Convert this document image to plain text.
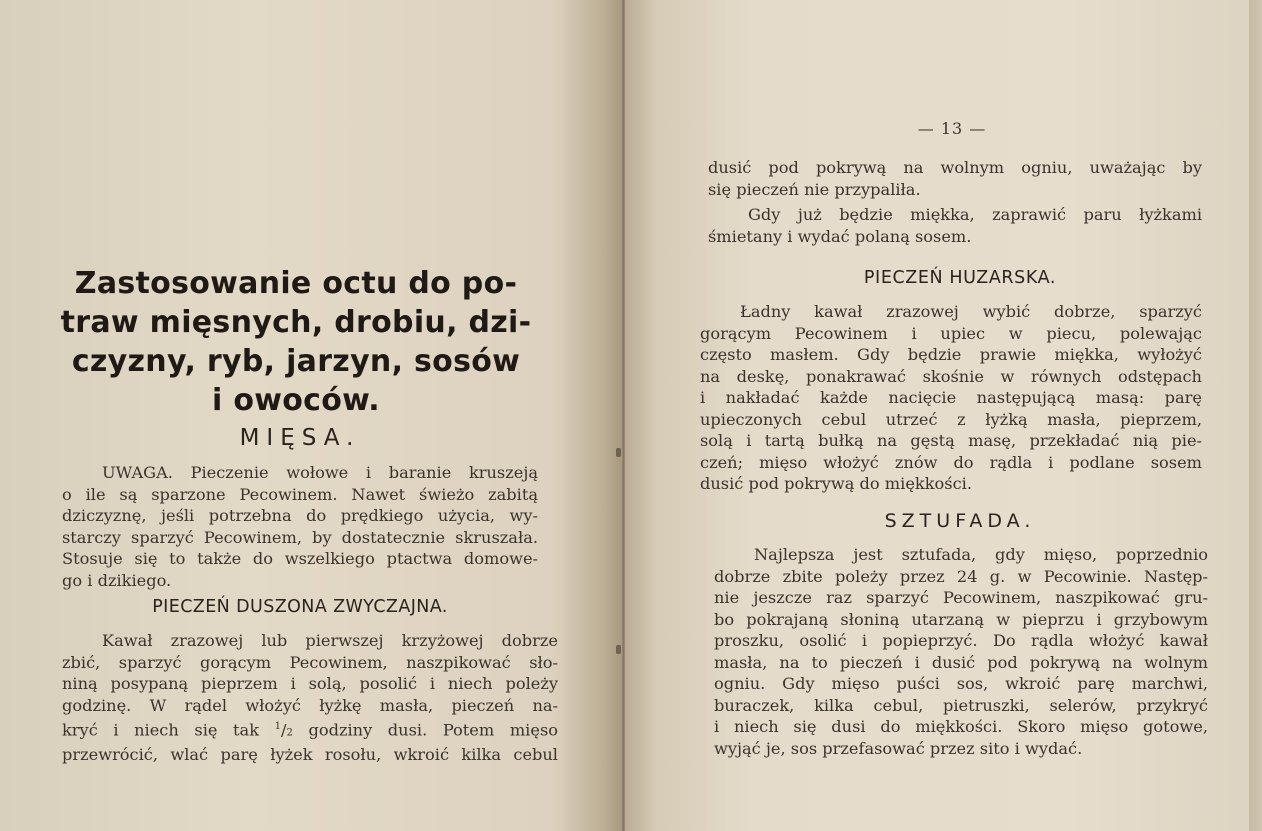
Zastosowanie octu do po-
traw mięsnych, drobiu, dzi-
czyzny, ryb, jarzyn, sosów
i owoców.
MIĘSA.

UWAGA. Pieczenie wołowe i baranie kruszeją
o ile są sparzone Pecowinem. Nawet świeżo zabitą
dziczyznę, jeśli potrzebna do prędkiego użycia, wy-
starczy sparzyć Pecowinem, by dostatecznie skruszała.
Stosuje się to także do wszelkiego ptactwa domowe-
go i dzikiego.

PIECZEŃ DUSZONA ZWYCZAJNA.

Kawał zrazowej lub pierwszej krzyżowej dobrze
zbić, sparzyć gorącym Pecowinem, naszpikować sło-
niną posypaną pieprzem i solą, posolić i niech poleży
godzinę. W rądel włożyć łyżkę masła, pieczeń na-
kryć i niech się tak $^1$/2 godziny dusi. Potem mięso
przewrócić, wlać parę łyżek rosołu, wkroić kilka cebul

— 13 —

dusić pod pokrywą na wolnym ogniu, uważając by
się pieczeń nie przypaliła.

Gdy już będzie miękka, zaprawić paru łyżkami
śmietany i wydać polaną sosem.

PIECZEŃ HUZARSKA.

Ładny kawał zrazowej wybić dobrze, sparzyć
gorącym Pecowinem i upiec w piecu, polewając
często masłem. Gdy będzie prawie miękka, wyłożyć
na deskę, ponakrawać skośnie w równych odstępach
i nakładać każde nacięcie następującą masą: parę
upieczonych cebul utrzeć z łyżką masła, pieprzem,
solą i tartą bułką na gęstą masę, przekładać nią pie-
czeń; mięso włożyć znów do rądla i podlane sosem
dusić pod pokrywą do miękkości.

SZTUFADA.

Najlepsza jest sztufada, gdy mięso, poprzednio
dobrze zbite poleży przez 24 g. w Pecowinie. Następ-
nie jeszcze raz sparzyć Pecowinem, naszpikować gru-
bo pokrajaną słoniną utarzaną w pieprzu i grzybowym
proszku, osolić i popieprzyć. Do rądla włożyć kawał
masła, na to pieczeń i dusić pod pokrywą na wolnym
ogniu. Gdy mięso puści sos, wkroić parę marchwi,
buraczek, kilka cebul, pietruszki, selerów, przykryć
i niech się dusi do miękkości. Skoro mięso gotowe,
wyjąć je, sos przefasować przez sito i wydać.
